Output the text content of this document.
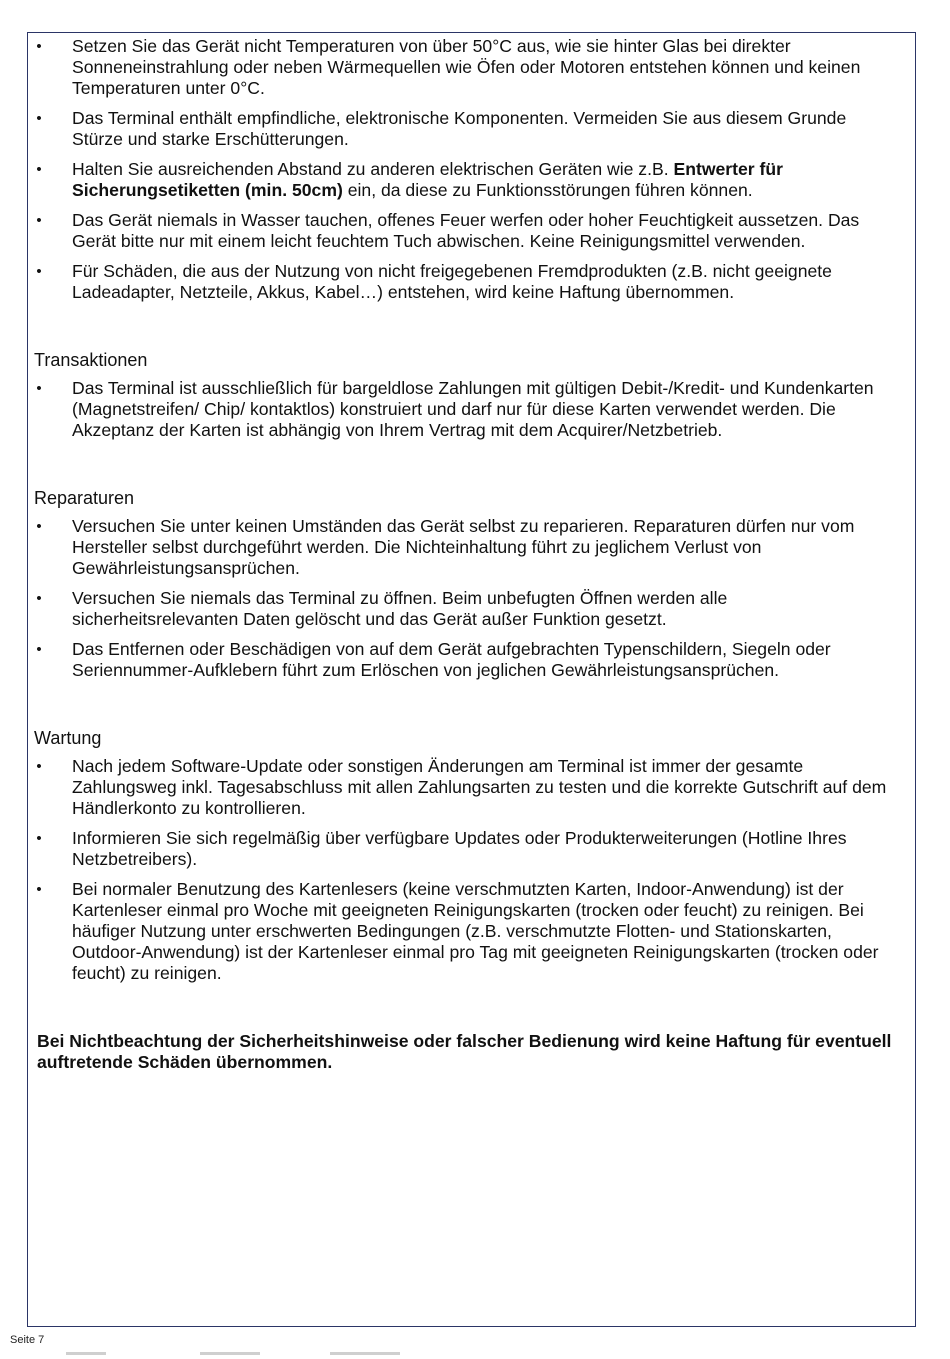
• Setzen Sie das Gerät nicht Temperaturen von über 50°C aus, wie sie hinter Glas bei direkter Sonneneinstrahlung oder neben Wärmequellen wie Öfen oder Motoren entstehen können und keinen Temperaturen unter 0°C.
• Das Terminal enthält empfindliche, elektronische Komponenten. Vermeiden Sie aus diesem Grunde Stürze und starke Erschütterungen.
• Halten Sie ausreichenden Abstand zu anderen elektrischen Geräten wie z.B. Entwerter für Sicherungsetiketten (min. 50cm) ein, da diese zu Funktionsstörungen führen können.
• Das Gerät niemals in Wasser tauchen, offenes Feuer werfen oder hoher Feuchtigkeit aussetzen. Das Gerät bitte nur mit einem leicht feuchtem Tuch abwischen. Keine Reinigungsmittel verwenden.
• Für Schäden, die aus der Nutzung von nicht freigegebenen Fremdprodukten (z.B. nicht geeignete Ladeadapter, Netzteile, Akkus, Kabel…) entstehen, wird keine Haftung übernommen.
Transaktionen
• Das Terminal ist ausschließlich für bargeldlose Zahlungen mit gültigen Debit-/Kredit- und Kundenkarten (Magnetstreifen/ Chip/ kontaktlos) konstruiert und darf nur für diese Karten verwendet werden. Die Akzeptanz der Karten ist abhängig von Ihrem Vertrag mit dem Acquirer/Netzbetrieb.
Reparaturen
• Versuchen Sie unter keinen Umständen das Gerät selbst zu reparieren. Reparaturen dürfen nur vom Hersteller selbst durchgeführt werden. Die Nichteinhaltung führt zu jeglichem Verlust von Gewährleistungsansprüchen.
• Versuchen Sie niemals das Terminal zu öffnen. Beim unbefugten Öffnen werden alle sicherheitsrelevanten Daten gelöscht und das Gerät außer Funktion gesetzt.
• Das Entfernen oder Beschädigen von auf dem Gerät aufgebrachten Typenschildern, Siegeln oder Seriennummer-Aufklebern führt zum Erlöschen von jeglichen Gewährleistungsansprüchen.
Wartung
• Nach jedem Software-Update oder sonstigen Änderungen am Terminal ist immer der gesamte Zahlungsweg inkl. Tagesabschluss mit allen Zahlungsarten zu testen und die korrekte Gutschrift auf dem Händlerkonto zu kontrollieren.
• Informieren Sie sich regelmäßig über verfügbare Updates oder Produkterweiterungen (Hotline Ihres Netzbetreibers).
• Bei normaler Benutzung des Kartenlesers (keine verschmutzten Karten, Indoor-Anwendung) ist der Kartenleser einmal pro Woche mit geeigneten Reinigungskarten (trocken oder feucht) zu reinigen. Bei häufiger Nutzung unter erschwerten Bedingungen (z.B. verschmutzte Flotten- und Stationskarten, Outdoor-Anwendung) ist der Kartenleser einmal pro Tag mit geeigneten Reinigungskarten (trocken oder feucht) zu reinigen.
Bei Nichtbeachtung der Sicherheitshinweise oder falscher Bedienung wird keine Haftung für eventuell auftretende Schäden übernommen.
Seite 7
